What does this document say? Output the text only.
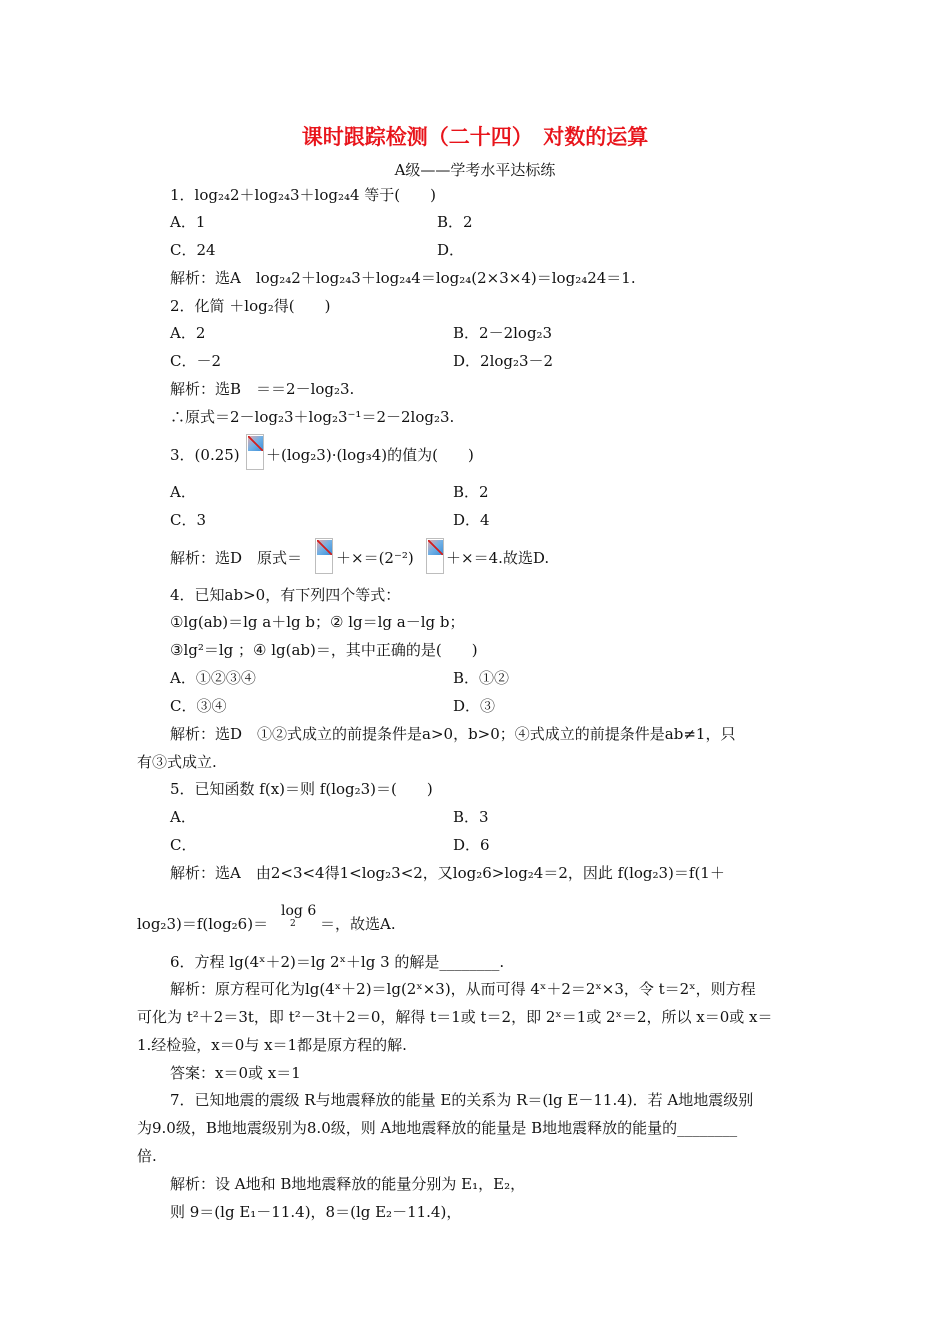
课时跟踪检测（二十四）　对数的运算
A级——学考水平达标练
1．log₂₄2＋log₂₄3＋log₂₄4 等于(　　)
A．1	B．2
C．24	D．
解析：选A　log₂₄2＋log₂₄3＋log₂₄4＝log₂₄(2×3×4)＝log₂₄24＝1.
2．化简 ＋log₂得(　　)
A．2	B．2－2log₂3
C．－2	D．2log₂3－2
解析：选B　＝＝2－log₂3.
∴原式＝2－log₂3＋log₂3⁻¹＝2－2log₂3.
3．(0.25) ＋(log₂3)·(log₃4)的值为(　　)
A．	B．2
C．3	D．4
解析：选D　原式＝ ＋×＝(2⁻²) ＋×＝4.故选D.
4．已知ab>0，有下列四个等式：
①lg(ab)＝lg a＋lg b；② lg＝lg a－lg b；
③lg²＝lg ；④ lg(ab)＝，其中正确的是(　　)
A．①②③④	B．①②
C．③④	D．③
解析：选D　①②式成立的前提条件是a>0，b>0；④式成立的前提条件是ab≠1，只
有③式成立.
5．已知函数 f(x)＝则 f(log₂3)＝(　　)
A．	B．3
C．	D．6
解析：选A　由2<3<4得1<log₂3<2，又log₂6>log₂4＝2，因此 f(log₂3)＝f(1＋
log 6
2
log₂3)＝f(log₂6)＝	＝，故选A.
6．方程 lg(4ˣ＋2)＝lg 2ˣ＋lg 3 的解是________.
解析：原方程可化为lg(4ˣ＋2)＝lg(2ˣ×3)，从而可得 4ˣ＋2＝2ˣ×3，令 t＝2ˣ，则方程
可化为 t²＋2＝3t，即 t²－3t＋2＝0，解得 t＝1或 t＝2，即 2ˣ＝1或 2ˣ＝2，所以 x＝0或 x＝
1.经检验，x＝0与 x＝1都是原方程的解.
答案：x＝0或 x＝1
7．已知地震的震级 R与地震释放的能量 E的关系为 R＝(lg E－11.4)．若 A地地震级别
为9.0级，B地地震级别为8.0级，则 A地地震释放的能量是 B地地震释放的能量的________
倍.
解析：设 A地和 B地地震释放的能量分别为 E₁，E₂，
则 9＝(lg E₁－11.4)，8＝(lg E₂－11.4)，
